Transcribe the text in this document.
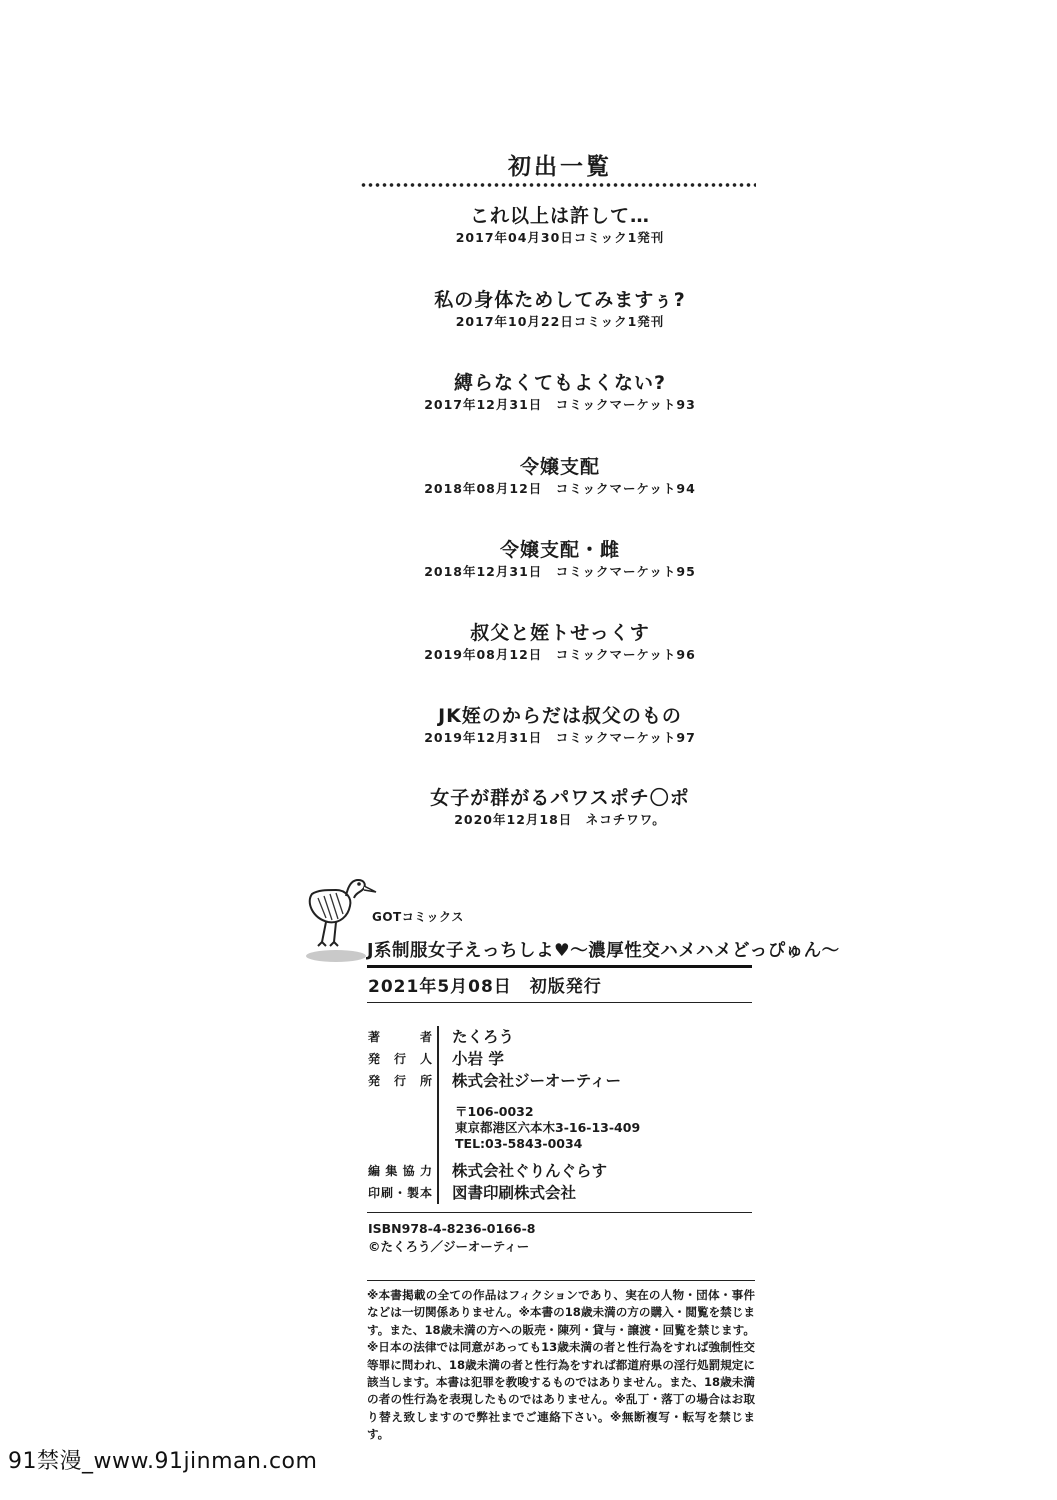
初出一覧
これ以上は許して…
2017年04月30日コミック1発刊
私の身体ためしてみますぅ?
2017年10月22日コミック1発刊
縛らなくてもよくない?
2017年12月31日　コミックマーケット93
令嬢支配
2018年08月12日　コミックマーケット94
令嬢支配・雌
2018年12月31日　コミックマーケット95
叔父と姪トせっくす
2019年08月12日　コミックマーケット96
JK姪のからだは叔父のもの
2019年12月31日　コミックマーケット97
女子が群がるパワスポチ〇ポ
2020年12月18日　ネコチワワ。
GOTコミックス
J系制服女子えっちしよ♥〜濃厚性交ハメハメどっぴゅん〜
2021年5月08日　初版発行
著　者 たくろう
発行人 小岩 学
発行所 株式会社ジーオーティー
編集協力 株式会社ぐりんぐらす
印刷・製本 図書印刷株式会社
〒106-0032
東京都港区六本木3-16-13-409
TEL:03-5843-0034
ISBN978-4-8236-0166-8
©たくろう／ジーオーティー
※本書掲載の全ての作品はフィクションであり、実在の人物・団体・事件などは一切関係ありません。※本書の18歳未満の方の購入・閲覧を禁じます。また、18歳未満の方への販売・陳列・貸与・譲渡・回覧を禁じます。※日本の法律では同意があっても13歳未満の者と性行為をすれば強制性交等罪に問われ、18歳未満の者と性行為をすれば都道府県の淫行処罰規定に該当します。本書は犯罪を教唆するものではありません。また、18歳未満の者の性行為を表現したものではありません。※乱丁・落丁の場合はお取り替え致しますので弊社までご連絡下さい。※無断複写・転写を禁じます。
91禁漫_www.91jinman.com
